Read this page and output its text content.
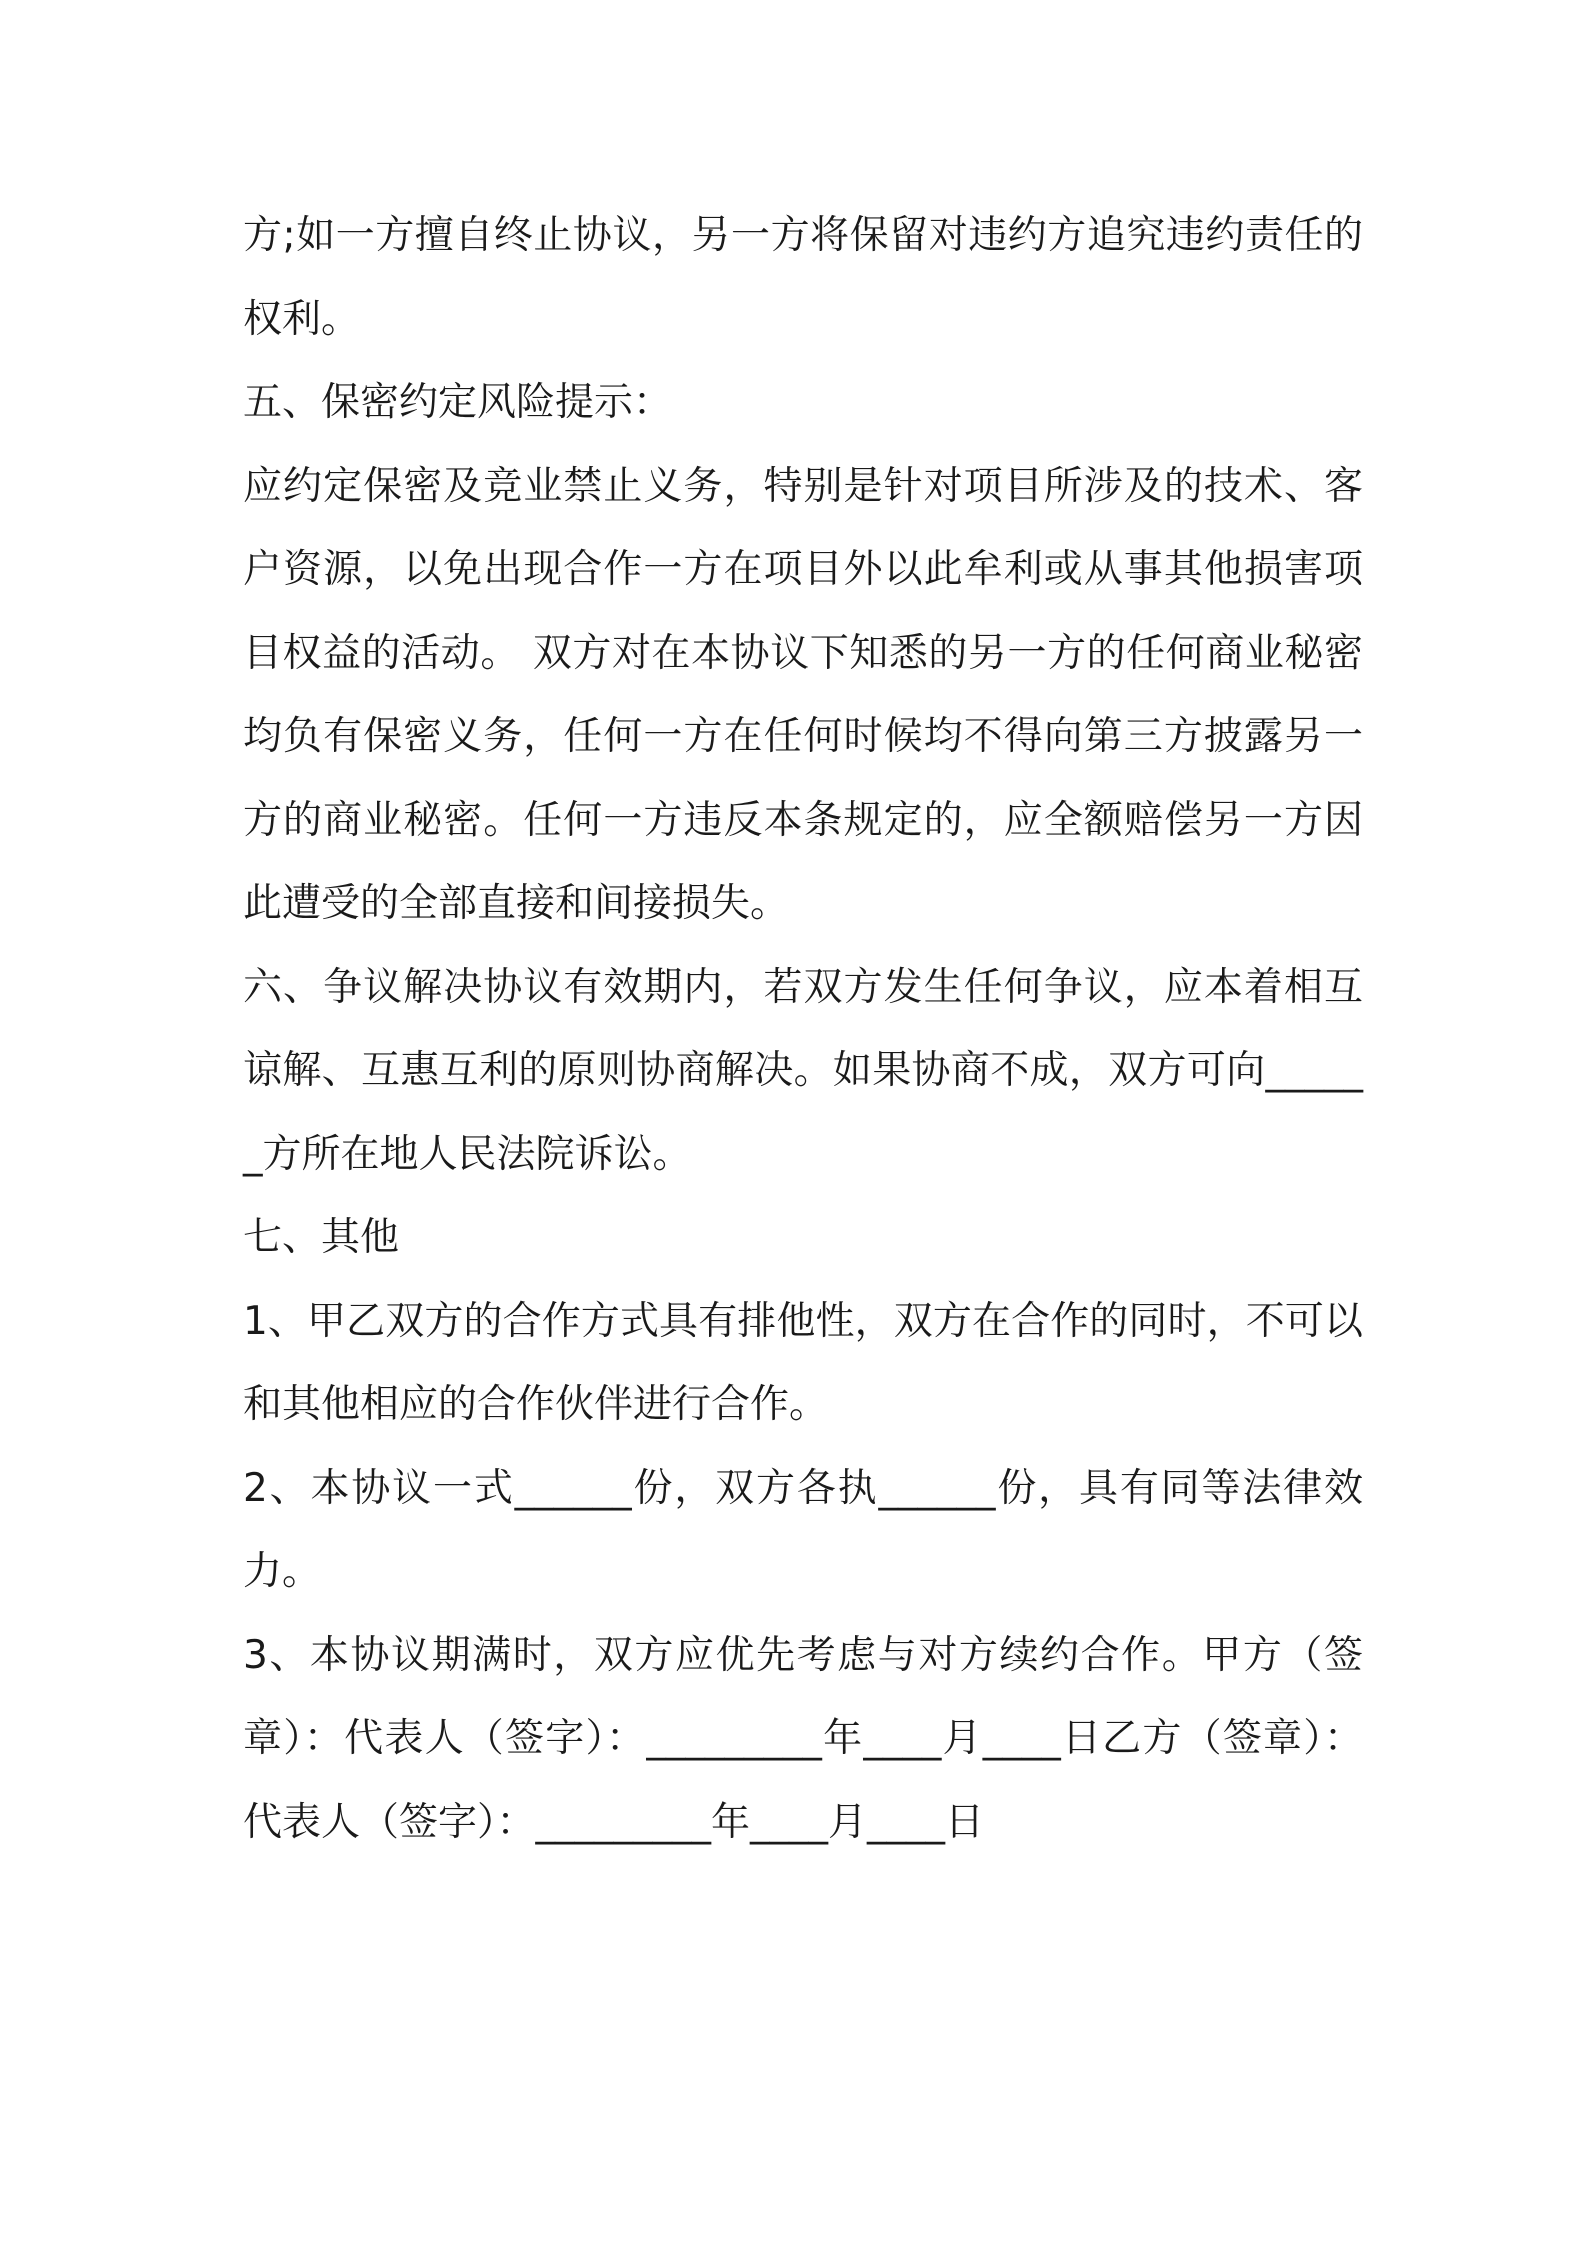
方;如一方擅自终止协议，另一方将保留对违约方追究违约责任的权利。

五、保密约定风险提示：

应约定保密及竞业禁止义务，特别是针对项目所涉及的技术、客户资源，以免出现合作一方在项目外以此牟利或从事其他损害项目权益的活动。 双方对在本协议下知悉的另一方的任何商业秘密均负有保密义务，任何一方在任何时候均不得向第三方披露另一方的商业秘密。任何一方违反本条规定的，应全额赔偿另一方因此遭受的全部直接和间接损失。

六、争议解决协议有效期内，若双方发生任何争议，应本着相互谅解、互惠互利的原则协商解决。如果协商不成，双方可向______方所在地人民法院诉讼。

七、其他

1、甲乙双方的合作方式具有排他性，双方在合作的同时，不可以和其他相应的合作伙伴进行合作。

2、本协议一式______份，双方各执______份，具有同等法律效力。

3、本协议期满时，双方应优先考虑与对方续约合作。甲方（签章）：代表人（签字）：_________年____月____日乙方（签章）：代表人（签字）：_________年____月____日
